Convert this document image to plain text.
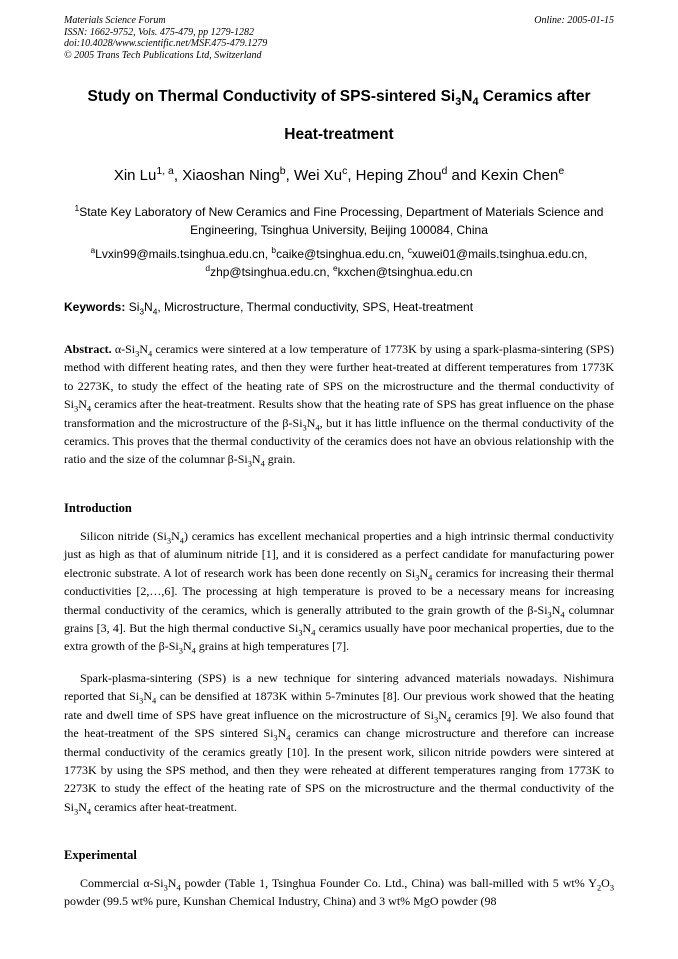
Materials Science Forum
ISSN: 1662-9752, Vols. 475-479, pp 1279-1282
doi:10.4028/www.scientific.net/MSF.475-479.1279
© 2005 Trans Tech Publications Ltd, Switzerland
Online: 2005-01-15
Study on Thermal Conductivity of SPS-sintered $Si_3N_4$ Ceramics after
Heat-treatment
Xin Lu$^{1, a}$, Xiaoshan Ning$^b$, Wei Xu$^c$, Heping Zhou$^d$ and Kexin Chen$^e$
$^1$State Key Laboratory of New Ceramics and Fine Processing, Department of Materials Science and Engineering, Tsinghua University, Beijing 100084, China
$^a$Lvxin99@mails.tsinghua.edu.cn, $^b$caike@tsinghua.edu.cn, $^c$xuwei01@mails.tsinghua.edu.cn,
$^d$zhp@tsinghua.edu.cn, $^e$kxchen@tsinghua.edu.cn
Keywords: $Si_3N_4$, Microstructure, Thermal conductivity, SPS, Heat-treatment
Abstract. $\alpha-Si_3N_4$ ceramics were sintered at a low temperature of 1773K by using a spark-plasma-sintering (SPS) method with different heating rates, and then they were further heat-treated at different temperatures from 1773K to 2273K, to study the effect of the heating rate of SPS on the microstructure and the thermal conductivity of $Si_3N_4$ ceramics after the heat-treatment. Results show that the heating rate of SPS has great influence on the phase transformation and the microstructure of the $\beta-Si_3N_4$, but it has little influence on the thermal conductivity of the ceramics. This proves that the thermal conductivity of the ceramics does not have an obvious relationship with the ratio and the size of the columnar $\beta-Si_3N_4$ grain.
Introduction
Silicon nitride $(Si_3N_4)$ ceramics has excellent mechanical properties and a high intrinsic thermal conductivity just as high as that of aluminum nitride [1], and it is considered as a perfect candidate for manufacturing power electronic substrate. A lot of research work has been done recently on $Si_3N_4$ ceramics for increasing their thermal conductivities [2,…,6]. The processing at high temperature is proved to be a necessary means for increasing thermal conductivity of the ceramics, which is generally attributed to the grain growth of the $\beta-Si_3N_4$ columnar grains [3, 4]. But the high thermal conductive $Si_3N_4$ ceramics usually have poor mechanical properties, due to the extra growth of the $\beta-Si_3N_4$ grains at high temperatures [7].
Spark-plasma-sintering (SPS) is a new technique for sintering advanced materials nowadays. Nishimura reported that $Si_3N_4$ can be densified at 1873K within 5-7minutes [8]. Our previous work showed that the heating rate and dwell time of SPS have great influence on the microstructure of $Si_3N_4$ ceramics [9]. We also found that the heat-treatment of the SPS sintered $Si_3N_4$ ceramics can change microstructure and therefore can increase thermal conductivity of the ceramics greatly [10]. In the present work, silicon nitride powders were sintered at 1773K by using the SPS method, and then they were reheated at different temperatures ranging from 1773K to 2273K to study the effect of the heating rate of SPS on the microstructure and the thermal conductivity of the $Si_3N_4$ ceramics after heat-treatment.
Experimental
Commercial $\alpha-Si_3N_4$ powder (Table 1, Tsinghua Founder Co. Ltd., China) was ball-milled with 5 wt% $Y_2O_3$ powder (99.5 wt% pure, Kunshan Chemical Industry, China) and 3 wt% MgO powder (98
